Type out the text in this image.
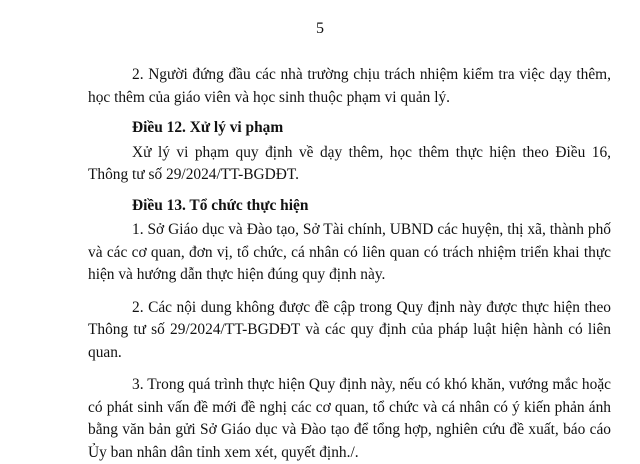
5

2. Người đứng đầu các nhà trường chịu trách nhiệm kiểm tra việc dạy thêm, học thêm của giáo viên và học sinh thuộc phạm vi quản lý.

Điều 12. Xử lý vi phạm

Xử lý vi phạm quy định về dạy thêm, học thêm thực hiện theo Điều 16, Thông tư số 29/2024/TT-BGDĐT.

Điều 13. Tổ chức thực hiện

1. Sở Giáo dục và Đào tạo, Sở Tài chính, UBND các huyện, thị xã, thành phố và các cơ quan, đơn vị, tổ chức, cá nhân có liên quan có trách nhiệm triển khai thực hiện và hướng dẫn thực hiện đúng quy định này.

2. Các nội dung không được đề cập trong Quy định này được thực hiện theo Thông tư số 29/2024/TT-BGDĐT và các quy định của pháp luật hiện hành có liên quan.

3. Trong quá trình thực hiện Quy định này, nếu có khó khăn, vướng mắc hoặc có phát sinh vấn đề mới đề nghị các cơ quan, tổ chức và cá nhân có ý kiến phản ánh bằng văn bản gửi Sở Giáo dục và Đào tạo để tổng hợp, nghiên cứu đề xuất, báo cáo Ủy ban nhân dân tỉnh xem xét, quyết định./.
